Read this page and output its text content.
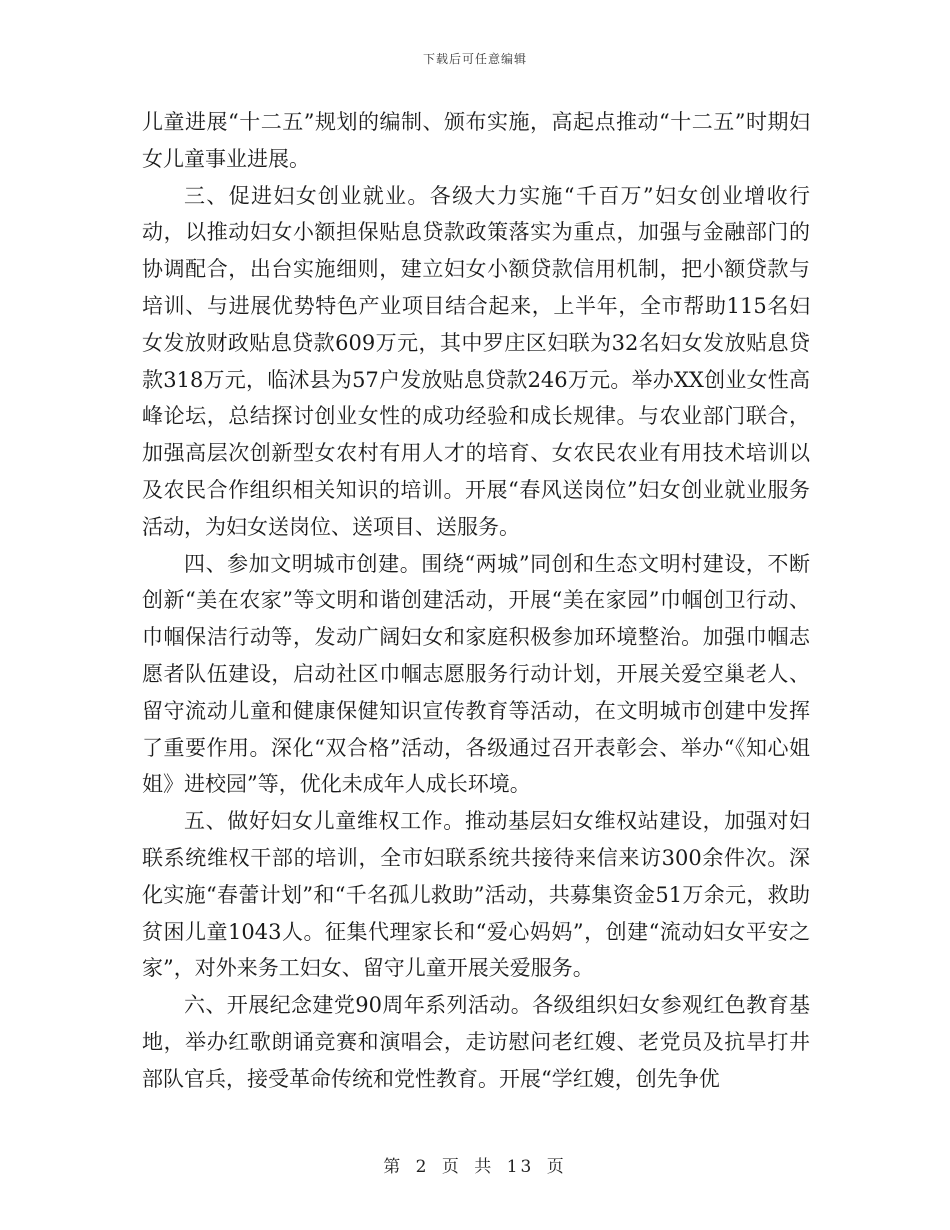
下载后可任意编辑

儿童进展“十二五”规划的编制、颁布实施，高起点推动“十二五”时期妇女儿童事业进展。

三、促进妇女创业就业。各级大力实施“千百万”妇女创业增收行动，以推动妇女小额担保贴息贷款政策落实为重点，加强与金融部门的协调配合，出台实施细则，建立妇女小额贷款信用机制，把小额贷款与培训、与进展优势特色产业项目结合起来，上半年，全市帮助115名妇女发放财政贴息贷款609万元，其中罗庄区妇联为32名妇女发放贴息贷款318万元，临沭县为57户发放贴息贷款246万元。举办XX创业女性高峰论坛，总结探讨创业女性的成功经验和成长规律。与农业部门联合，加强高层次创新型女农村有用人才的培育、女农民农业有用技术培训以及农民合作组织相关知识的培训。开展“春风送岗位”妇女创业就业服务活动，为妇女送岗位、送项目、送服务。

四、参加文明城市创建。围绕“两城”同创和生态文明村建设，不断创新“美在农家”等文明和谐创建活动，开展“美在家园”巾帼创卫行动、巾帼保洁行动等，发动广阔妇女和家庭积极参加环境整治。加强巾帼志愿者队伍建设，启动社区巾帼志愿服务行动计划，开展关爱空巢老人、留守流动儿童和健康保健知识宣传教育等活动，在文明城市创建中发挥了重要作用。深化“双合格”活动，各级通过召开表彰会、举办“《知心姐姐》进校园”等，优化未成年人成长环境。

五、做好妇女儿童维权工作。推动基层妇女维权站建设，加强对妇联系统维权干部的培训，全市妇联系统共接待来信来访300余件次。深化实施“春蕾计划”和“千名孤儿救助”活动，共募集资金51万余元，救助贫困儿童1043人。征集代理家长和“爱心妈妈”，创建“流动妇女平安之家”，对外来务工妇女、留守儿童开展关爱服务。

六、开展纪念建党90周年系列活动。各级组织妇女参观红色教育基地，举办红歌朗诵竞赛和演唱会，走访慰问老红嫂、老党员及抗旱打井部队官兵，接受革命传统和党性教育。开展“学红嫂，创先争优

第 2 页 共 13 页
